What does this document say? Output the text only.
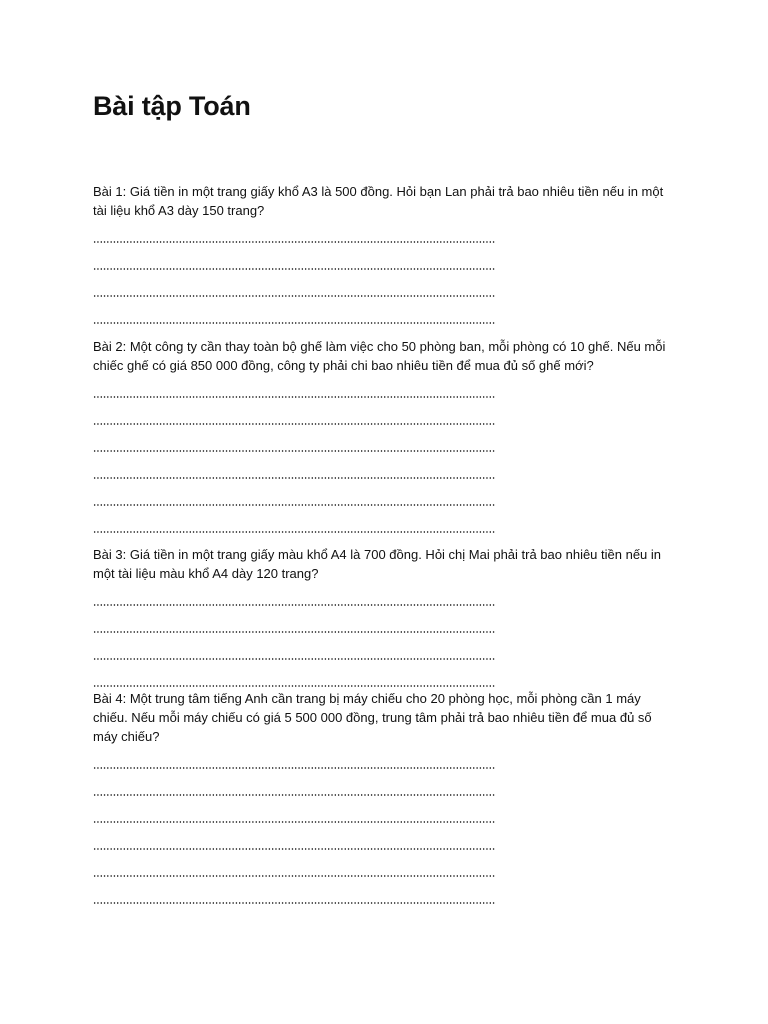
Bài tập Toán

Bài 1: Giá tiền in một trang giấy khổ A3 là 500 đồng. Hỏi bạn Lan phải trả bao nhiêu tiền nếu in một tài liệu khổ A3 dày 150 trang?

Bài 2: Một công ty cần thay toàn bộ ghế làm việc cho 50 phòng ban, mỗi phòng có 10 ghế. Nếu mỗi chiếc ghế có giá 850 000 đồng, công ty phải chi bao nhiêu tiền để mua đủ số ghế mới?

Bài 3: Giá tiền in một trang giấy màu khổ A4 là 700 đồng. Hỏi chị Mai phải trả bao nhiêu tiền nếu in một tài liệu màu khổ A4 dày 120 trang?

Bài 4: Một trung tâm tiếng Anh cần trang bị máy chiếu cho 20 phòng học, mỗi phòng cần 1 máy chiếu. Nếu mỗi máy chiếu có giá 5 500 000 đồng, trung tâm phải trả bao nhiêu tiền để mua đủ số máy chiếu?
